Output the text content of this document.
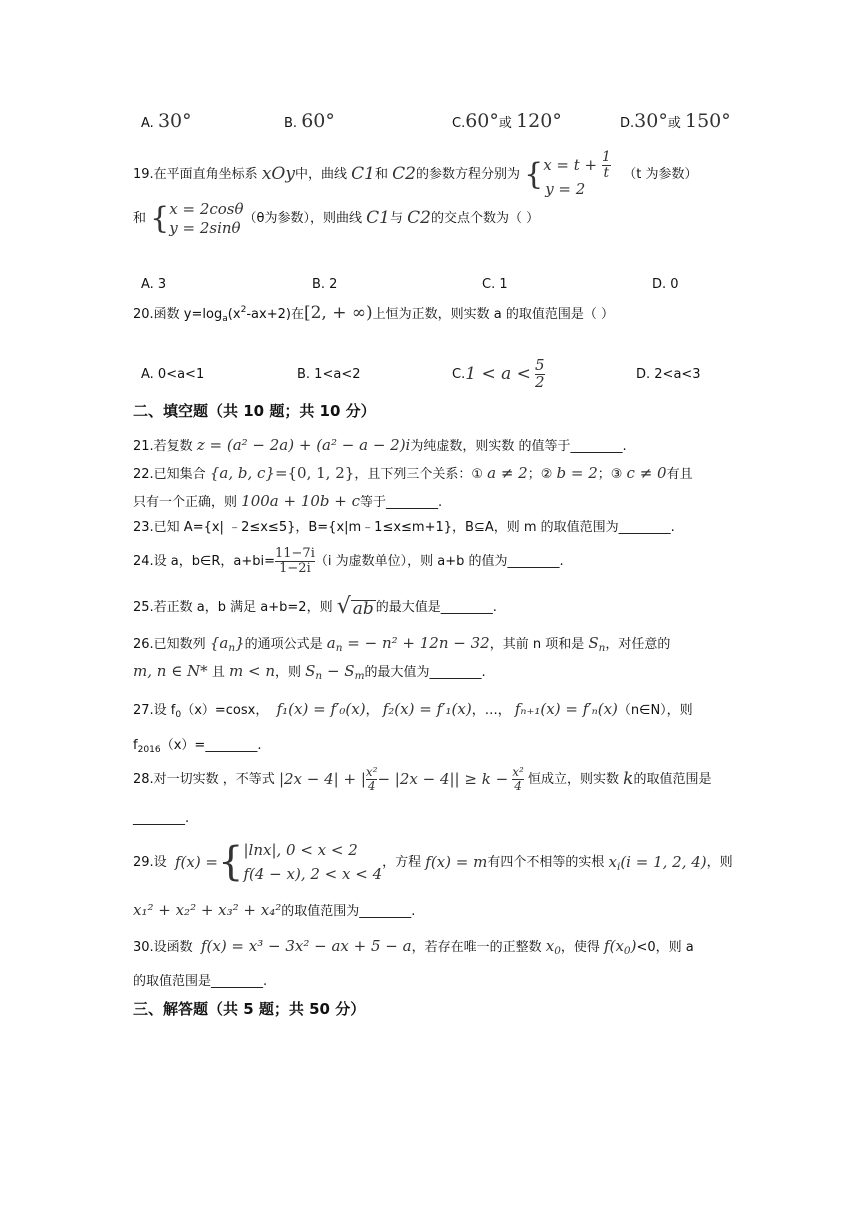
A. 30°	B. 60°	C.60°或 120°	D.30°或 150°
19.在平面直角坐标系
xOy 中，曲线
C1 和
C2 的参数方程分别为
{ x = t +
$\frac{1}{t}$
y = 2

（t 为参数）
和
{ x = 2cosθ
y = 2sinθ （θ为参数），则曲线
C1 与
C2 的交点个数为（ ）
A. 3	B. 2	C. 1	D. 0
20.函数 $y=\log_a(x^2-ax+2)$在[2, + ∞)上恒为正数，则实数 a 的取值范围是（ ）
A. 0<a<1	B. 1<a<2	C. 1 < a <
$\frac{5}{2}$	D. 2<a<3
二、填空题（共 10 题；共 10 分）
21.若复数 z = (a² − 2a) + (a² − a − 2)i为纯虚数，则实数 的值等于________.
22.已知集合 {a, b, c}={0, 1, 2}，且下列三个关系：① a ≠ 2；② b = 2；③ c ≠ 0有且
只有一个正确，则 100a + 10b + c等于________.
23.已知 A={x| ﹣2≤x≤5}，B={x|m﹣1≤x≤m+1}，B⊆A，则 m 的取值范围为________.
24.设 a，b∈R，$a+bi= \frac{11-7i}{1-2i} (i$ 为虚数单位），则 a+b 的值为________.
25.若正数 a，b 满足 a+b=2，则
√ ab 的最大值是________.
26.已知数列 $\{a_n\}$的通项公式是 $a_n$ = − n² + 12n − 32，其前 n 项和是 $S_n$，对任意的
m, n ∈ N* 且 m < n，则 $S_n - S_m$的最大值为________.
27.设 $f_0(x)=\cos x$， f₁(x) = f′₀(x)， f₂(x) = f′₁(x)，…， fₙ₊₁(x) = f′ₙ(x)（n∈N），则
$f_{2016}(x)=\_\_\_\_\_\_\_\_$.
28.对一切实数 ，不等式
|2x − 4| + | $\frac{\text{x²}}{4} - |2x - 4|| \ge k$ −
$\frac{\text{x²}}{4}$
恒成立，则实数
k 的取值范围是
________.
29.设
f(x) = { |lnx|, 0 < x < 2
f(4 − x), 2 < x < 4
，方程
f(x) = m 有四个不相等的实根
$x_i(i = 1$, 2, 4) ，则
x₁² + x₂² + x₃² + x₄²的取值范围为________.
30.设函数 f(x) = x³ − 3x² − ax + 5 − a，若存在唯一的正整数 $x_0$，使得 $f(x_0)<0$，则 a
的取值范围是________.
三、解答题（共 5 题；共 50 分）
